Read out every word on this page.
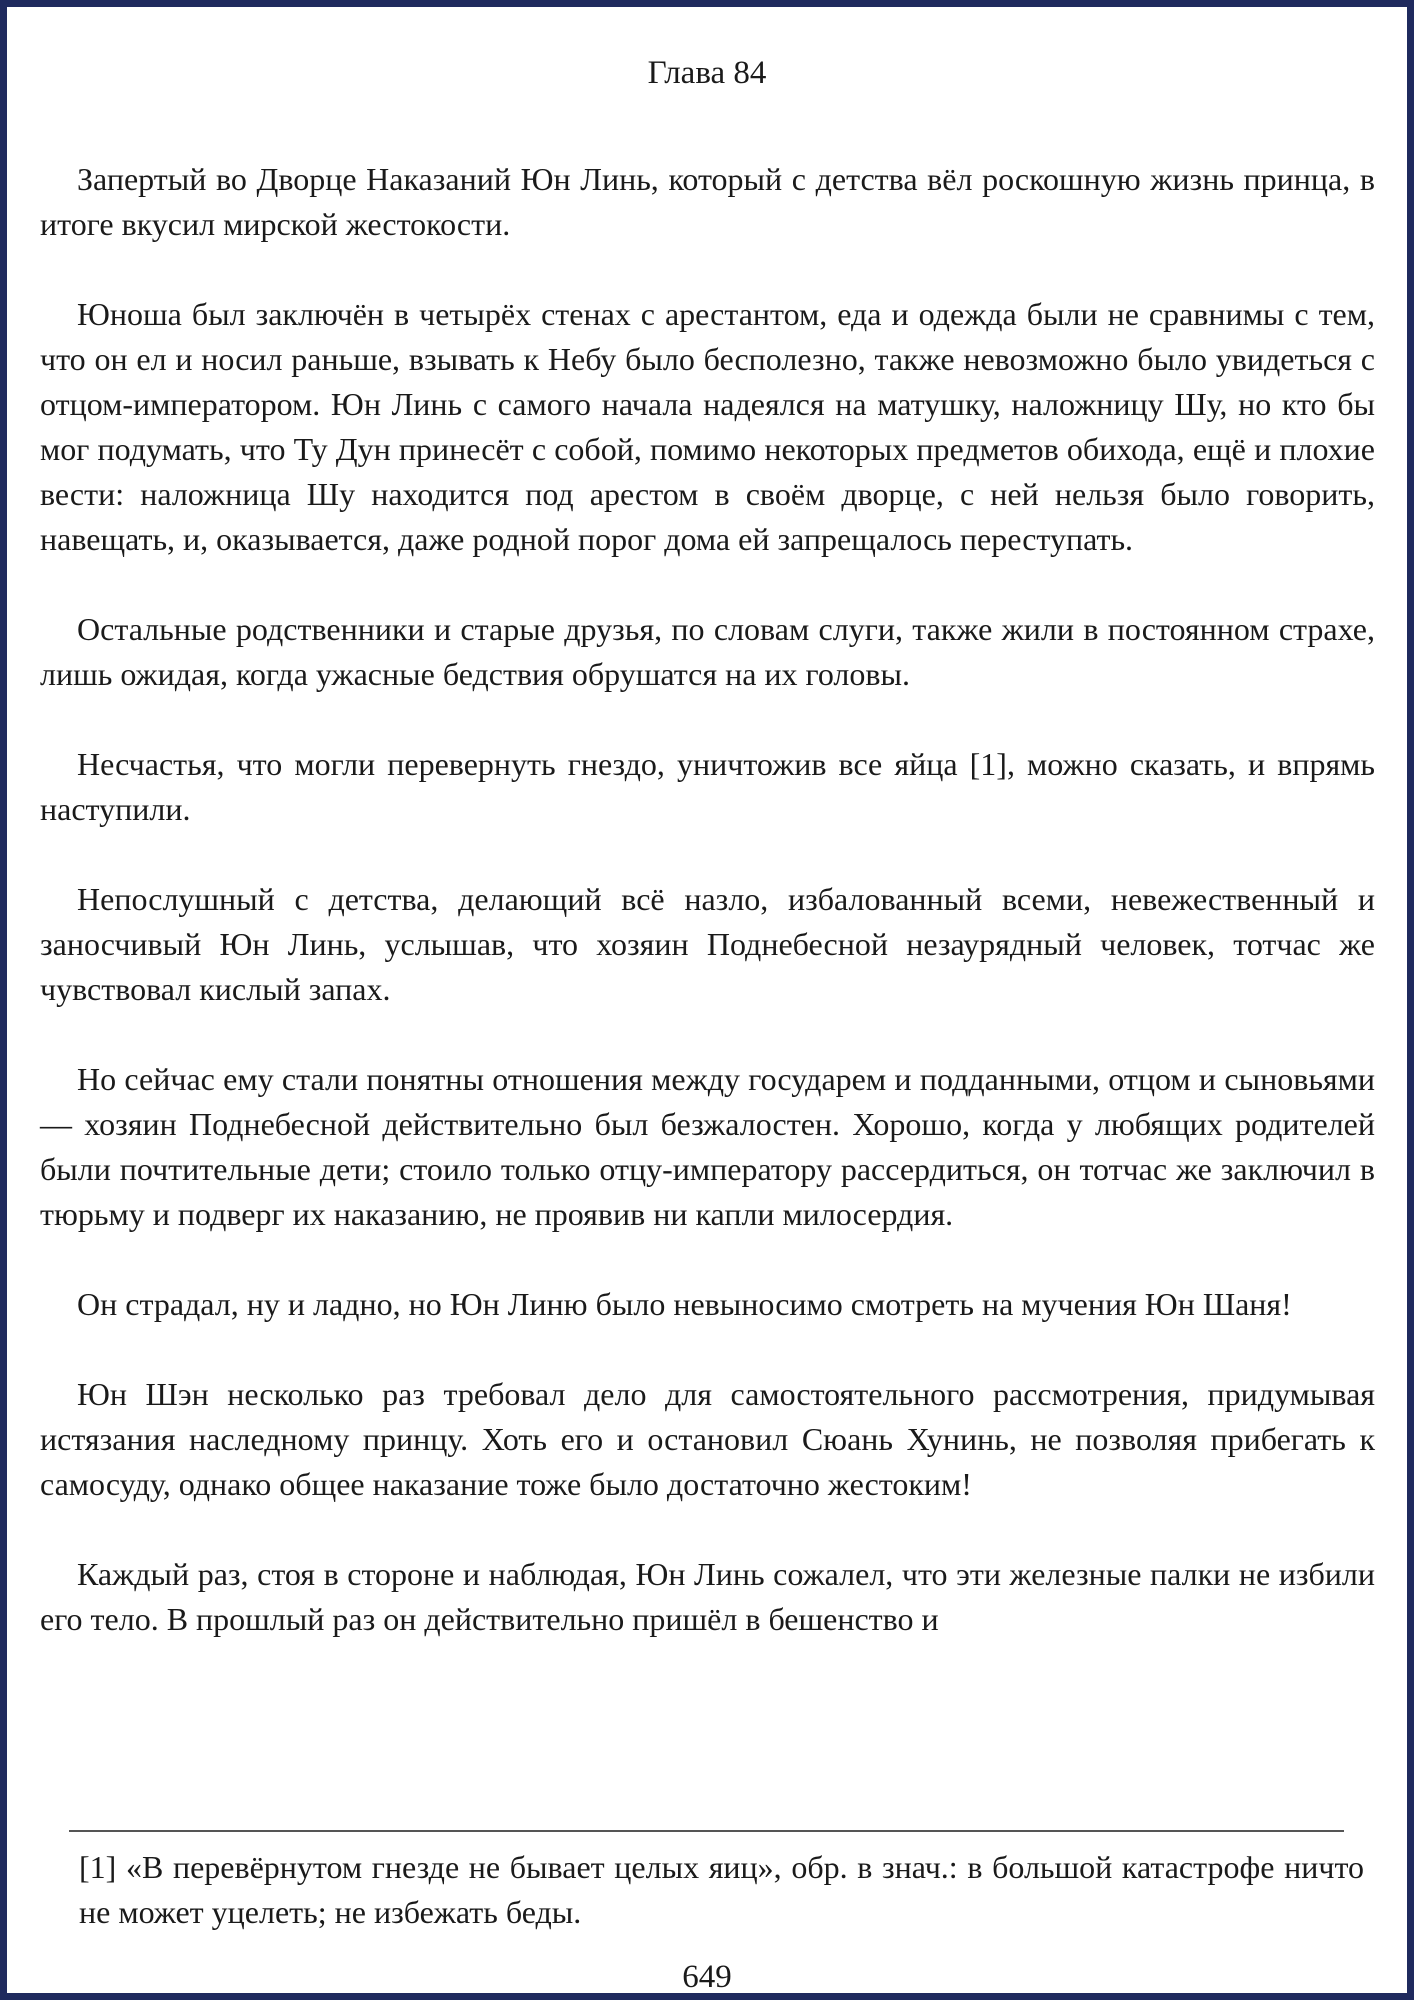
Глава 84

Запертый во Дворце Наказаний Юн Линь, который с детства вёл роскошную жизнь принца, в итоге вкусил мирской жестокости.

Юноша был заключён в четырёх стенах с арестантом, еда и одежда были не сравнимы с тем, что он ел и носил раньше, взывать к Небу было бесполезно, также невозможно было увидеться с отцом-императором. Юн Линь с самого начала надеялся на матушку, наложницу Шу, но кто бы мог подумать, что Ту Дун принесёт с собой, помимо некоторых предметов обихода, ещё и плохие вести: наложница Шу находится под арестом в своём дворце, с ней нельзя было говорить, навещать, и, оказывается, даже родной порог дома ей запрещалось переступать.

Остальные родственники и старые друзья, по словам слуги, также жили в постоянном страхе, лишь ожидая, когда ужасные бедствия обрушатся на их головы.

Несчастья, что могли перевернуть гнездо, уничтожив все яйца [1], можно сказать, и впрямь наступили.

Непослушный с детства, делающий всё назло, избалованный всеми, невежественный и заносчивый Юн Линь, услышав, что хозяин Поднебесной незаурядный человек, тотчас же чувствовал кислый запах.

Но сейчас ему стали понятны отношения между государем и подданными, отцом и сыновьями — хозяин Поднебесной действительно был безжалостен. Хорошо, когда у любящих родителей были почтительные дети; стоило только отцу-императору рассердиться, он тотчас же заключил в тюрьму и подверг их наказанию, не проявив ни капли милосердия.

Он страдал, ну и ладно, но Юн Линю было невыносимо смотреть на мучения Юн Шаня!

Юн Шэн несколько раз требовал дело для самостоятельного рассмотрения, придумывая истязания наследному принцу. Хоть его и остановил Сюань Хунинь, не позволяя прибегать к самосуду, однако общее наказание тоже было достаточно жестоким!

Каждый раз, стоя в стороне и наблюдая, Юн Линь сожалел, что эти железные палки не избили его тело. В прошлый раз он действительно пришёл в бешенство и

[1] «В перевёрнутом гнезде не бывает целых яиц», обр. в знач.: в большой катастрофе ничто не может уцелеть; не избежать беды.

649
